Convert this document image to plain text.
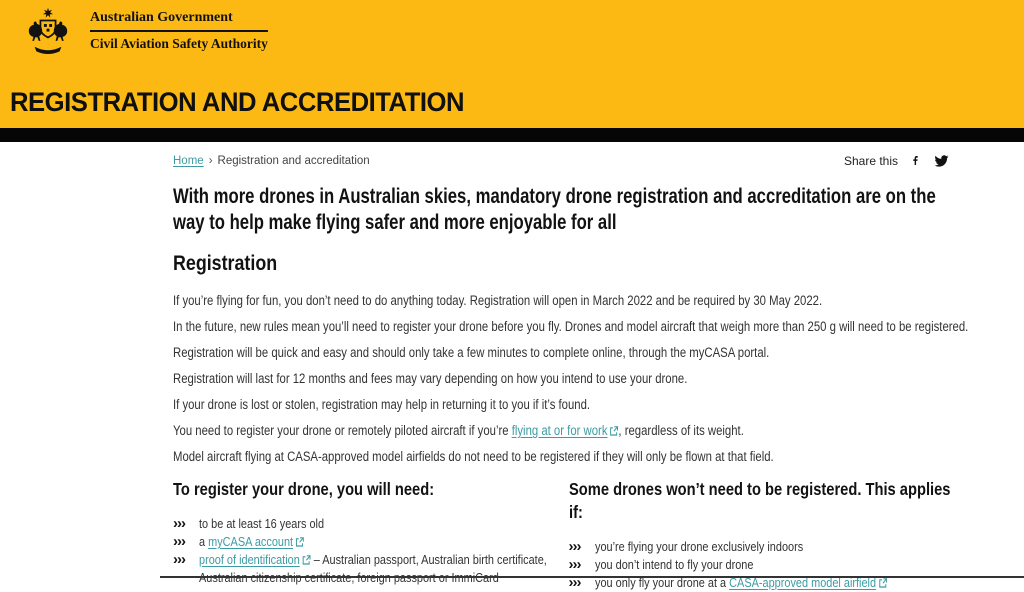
Australian Government
Civil Aviation Safety Authority
REGISTRATION AND ACCREDITATION
Home › Registration and accreditation	Share this
With more drones in Australian skies, mandatory drone registration and accreditation are on the way to help make flying safer and more enjoyable for all
Registration

If you’re flying for fun, you don’t need to do anything today. Registration will open in March 2022 and be required by 30 May 2022.

In the future, new rules mean you’ll need to register your drone before you fly. Drones and model aircraft that weigh more than 250 g will need to be registered.

Registration will be quick and easy and should only take a few minutes to complete online, through the myCASA portal.

Registration will last for 12 months and fees may vary depending on how you intend to use your drone.

If your drone is lost or stolen, registration may help in returning it to you if it’s found.

You need to register your drone or remotely piloted aircraft if you’re flying at or for work , regardless of its weight.

Model aircraft flying at CASA-approved model airfields do not need to be registered if they will only be flown at that field.

To register your drone, you will need:
›››	to be at least 16 years old
›››	a myCASA account
›››	proof of identification – Australian passport, Australian birth certificate, Australian citizenship certificate, foreign passport or ImmiCard
Some drones won’t need to be registered. This applies if:
›››	you’re flying your drone exclusively indoors
›››	you don’t intend to fly your drone
›››	you only fly your drone at a CASA-approved model airfield
